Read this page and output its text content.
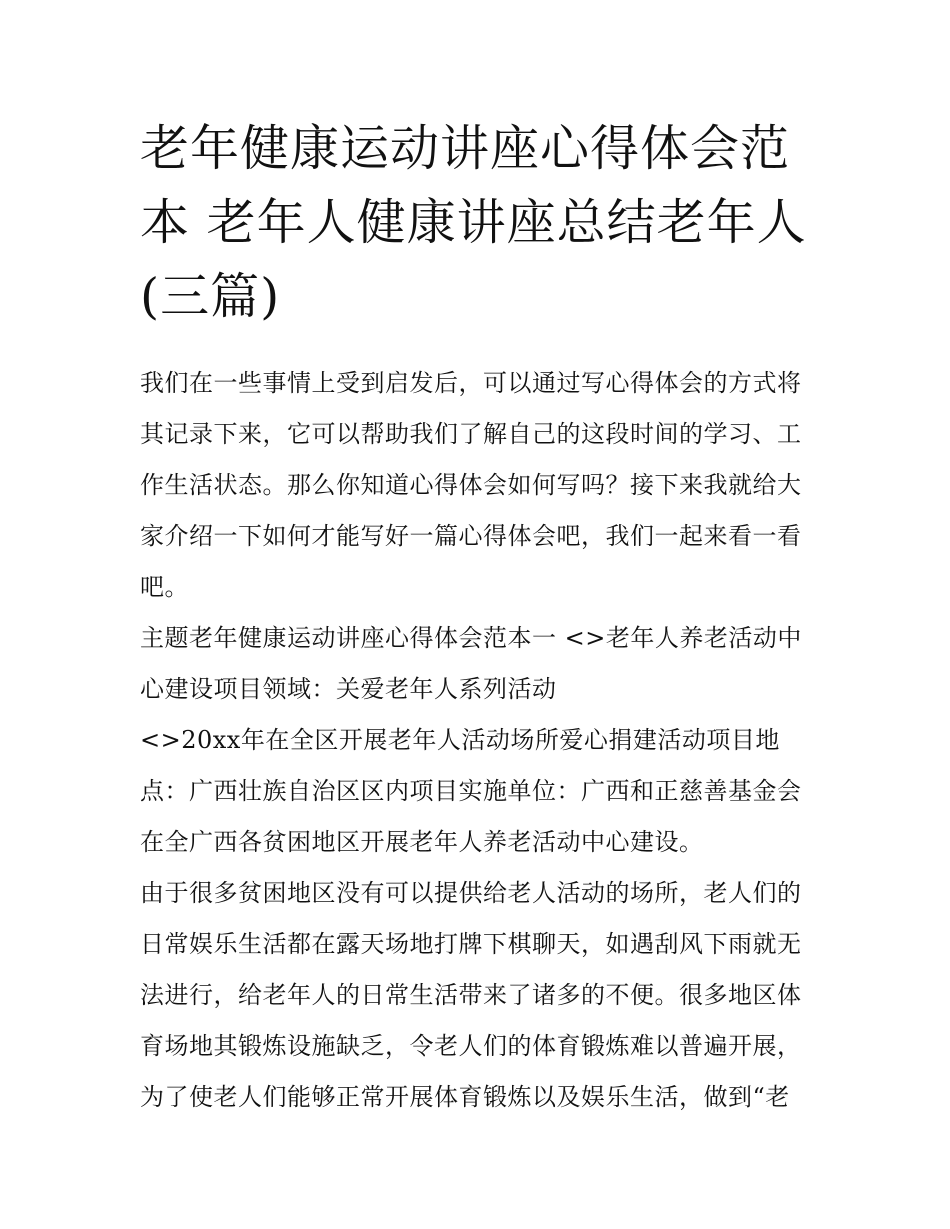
老年健康运动讲座心得体会范本 老年人健康讲座总结老年人(三篇)

我们在一些事情上受到启发后，可以通过写心得体会的方式将其记录下来，它可以帮助我们了解自己的这段时间的学习、工作生活状态。那么你知道心得体会如何写吗？接下来我就给大家介绍一下如何才能写好一篇心得体会吧，我们一起来看一看吧。

主题老年健康运动讲座心得体会范本一 <>老年人养老活动中心建设项目领域：关爱老年人系列活动

<>20xx年在全区开展老年人活动场所爱心捐建活动项目地点：广西壮族自治区区内项目实施单位：广西和正慈善基金会在全广西各贫困地区开展老年人养老活动中心建设。

由于很多贫困地区没有可以提供给老人活动的场所，老人们的日常娱乐生活都在露天场地打牌下棋聊天，如遇刮风下雨就无法进行，给老年人的日常生活带来了诸多的不便。很多地区体育场地其锻炼设施缺乏，令老人们的体育锻炼难以普遍开展，为了使老人们能够正常开展体育锻炼以及娱乐生活，做到“老
